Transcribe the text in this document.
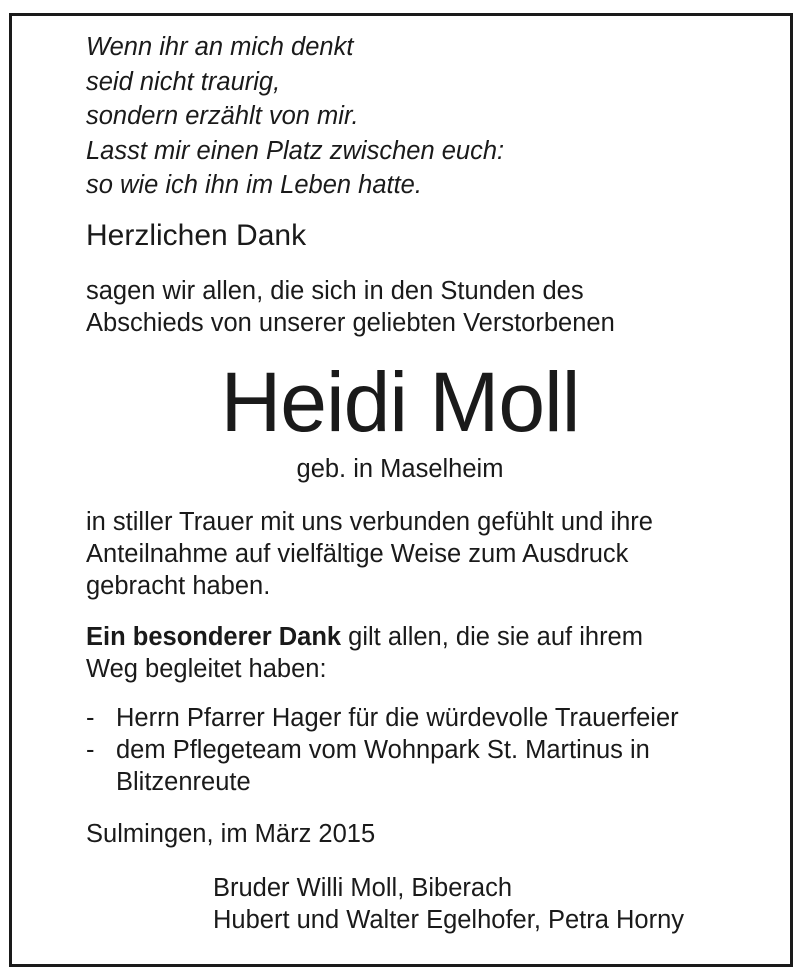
Wenn ihr an mich denkt
seid nicht traurig,
sondern erzählt von mir.
Lasst mir einen Platz zwischen euch:
so wie ich ihn im Leben hatte.
Herzlichen Dank
sagen wir allen, die sich in den Stunden des
Abschieds von unserer geliebten Verstorbenen
Heidi Moll
geb. in Maselheim
in stiller Trauer mit uns verbunden gefühlt und ihre
Anteilnahme auf vielfältige Weise zum Ausdruck
gebracht haben.
Ein besonderer Dank gilt allen, die sie auf ihrem
Weg begleitet haben:
- Herrn Pfarrer Hager für die würdevolle Trauerfeier
- dem Pflegeteam vom Wohnpark St. Martinus in
Blitzenreute
Sulmingen, im März 2015
Bruder Willi Moll, Biberach
Hubert und Walter Egelhofer, Petra Horny
